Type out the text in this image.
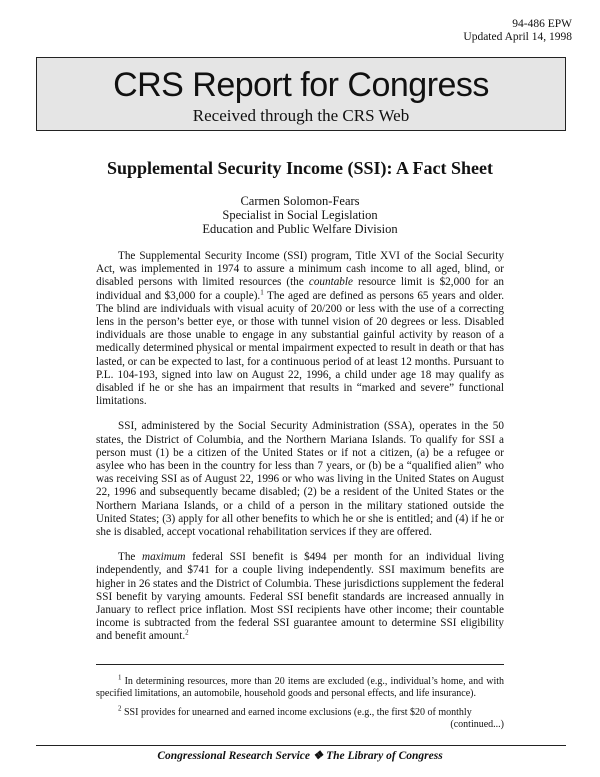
94-486 EPW
Updated April 14, 1998
CRS Report for Congress
Received through the CRS Web
Supplemental Security Income (SSI): A Fact Sheet
Carmen Solomon-Fears
Specialist in Social Legislation
Education and Public Welfare Division

The Supplemental Security Income (SSI) program, Title XVI of the Social Security Act, was implemented in 1974 to assure a minimum cash income to all aged, blind, or disabled persons with limited resources (the countable resource limit is $2,000 for an individual and $3,000 for a couple).$^1$ The aged are defined as persons 65 years and older. The blind are individuals with visual acuity of 20/200 or less with the use of a correcting lens in the person’s better eye, or those with tunnel vision of 20 degrees or less. Disabled individuals are those unable to engage in any substantial gainful activity by reason of a medically determined physical or mental impairment expected to result in death or that has lasted, or can be expected to last, for a continuous period of at least 12 months. Pursuant to P.L. 104-193, signed into law on August 22, 1996, a child under age 18 may qualify as disabled if he or she has an impairment that results in “marked and severe” functional limitations.

SSI, administered by the Social Security Administration (SSA), operates in the 50 states, the District of Columbia, and the Northern Mariana Islands. To qualify for SSI a person must (1) be a citizen of the United States or if not a citizen, (a) be a refugee or asylee who has been in the country for less than 7 years, or (b) be a “qualified alien” who was receiving SSI as of August 22, 1996 or who was living in the United States on August 22, 1996 and subsequently became disabled; (2) be a resident of the United States or the Northern Mariana Islands, or a child of a person in the military stationed outside the United States; (3) apply for all other benefits to which he or she is entitled; and (4) if he or she is disabled, accept vocational rehabilitation services if they are offered.

The maximum federal SSI benefit is $494 per month for an individual living independently, and $741 for a couple living independently. SSI maximum benefits are higher in 26 states and the District of Columbia. These jurisdictions supplement the federal SSI benefit by varying amounts. Federal SSI benefit standards are increased annually in January to reflect price inflation. Most SSI recipients have other income; their countable income is subtracted from the federal SSI guarantee amount to determine SSI eligibility and benefit amount.$^2$

$^1$ In determining resources, more than 20 items are excluded (e.g., individual’s home, and with specified limitations, an automobile, household goods and personal effects, and life insurance).
$^2$ SSI provides for unearned and earned income exclusions (e.g., the first $20 of monthly
(continued...)
Congressional Research Service ❖ The Library of Congress
